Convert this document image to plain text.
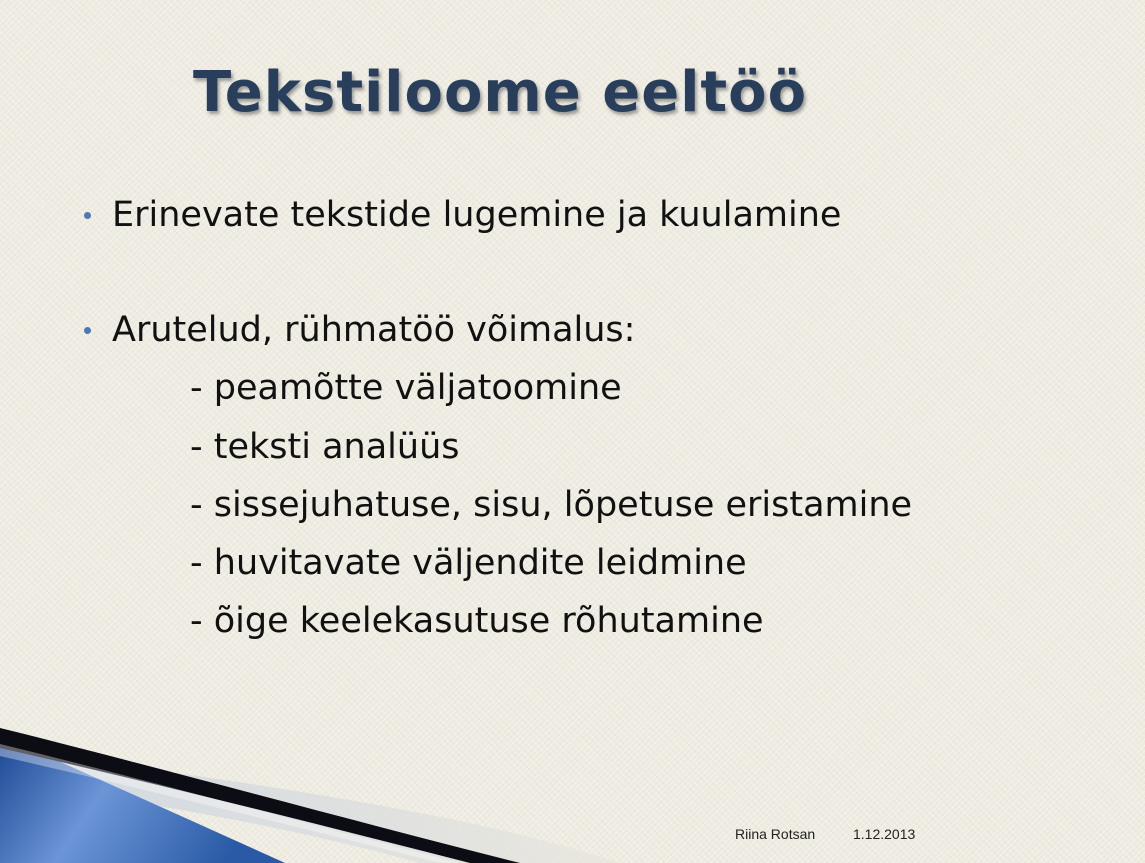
Tekstiloome eeltöö
Erinevate tekstide lugemine ja kuulamine
Arutelud, rühmatöö võimalus:
- peamõtte väljatoomine
- teksti analüüs
- sissejuhatuse, sisu, lõpetuse eristamine
- huvitavate väljendite leidmine
- õige keelekasutuse rõhutamine
Riina Rotsan	1.12.2013
